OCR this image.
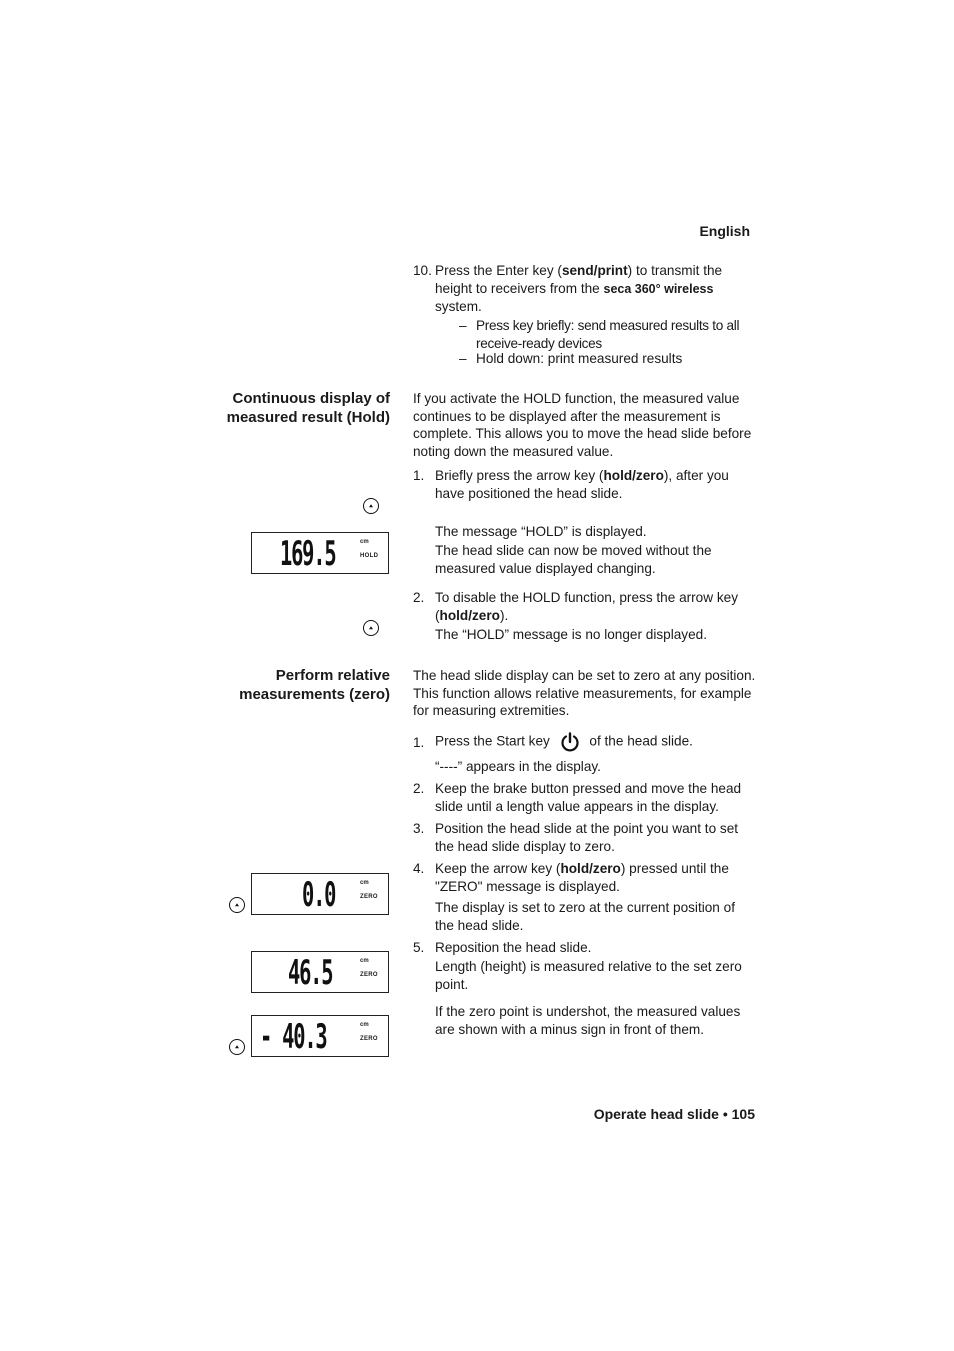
English
10. Press the Enter key (send/print) to transmit the height to receivers from the seca 360° wireless system.
– Press key briefly: send measured results to all receive-ready devices
– Hold down: print measured results
Continuous display of measured result (Hold)
If you activate the HOLD function, the measured value continues to be displayed after the measurement is complete. This allows you to move the head slide before noting down the measured value.
1. Briefly press the arrow key (hold/zero), after you have positioned the head slide.
The message “HOLD” is displayed.
The head slide can now be moved without the measured value displayed changing.
2. To disable the HOLD function, press the arrow key (hold/zero).
The “HOLD” message is no longer displayed.
169.5	cm
HOLD
Perform relative measurements (zero)
The head slide display can be set to zero at any position. This function allows relative measurements, for example for measuring extremities.
1. Press the Start key	of the head slide.
“----” appears in the display.
2. Keep the brake button pressed and move the head slide until a length value appears in the display.
3. Position the head slide at the point you want to set the head slide display to zero.
4. Keep the arrow key (hold/zero) pressed until the "ZERO" message is displayed.
The display is set to zero at the current position of the head slide.
5. Reposition the head slide.
Length (height) is measured relative to the set zero point.
If the zero point is undershot, the measured values are shown with a minus sign in front of them.
0.0	cm
ZERO
46.5	cm
ZERO
- 40.3	cm
ZERO
Operate head slide • 105
